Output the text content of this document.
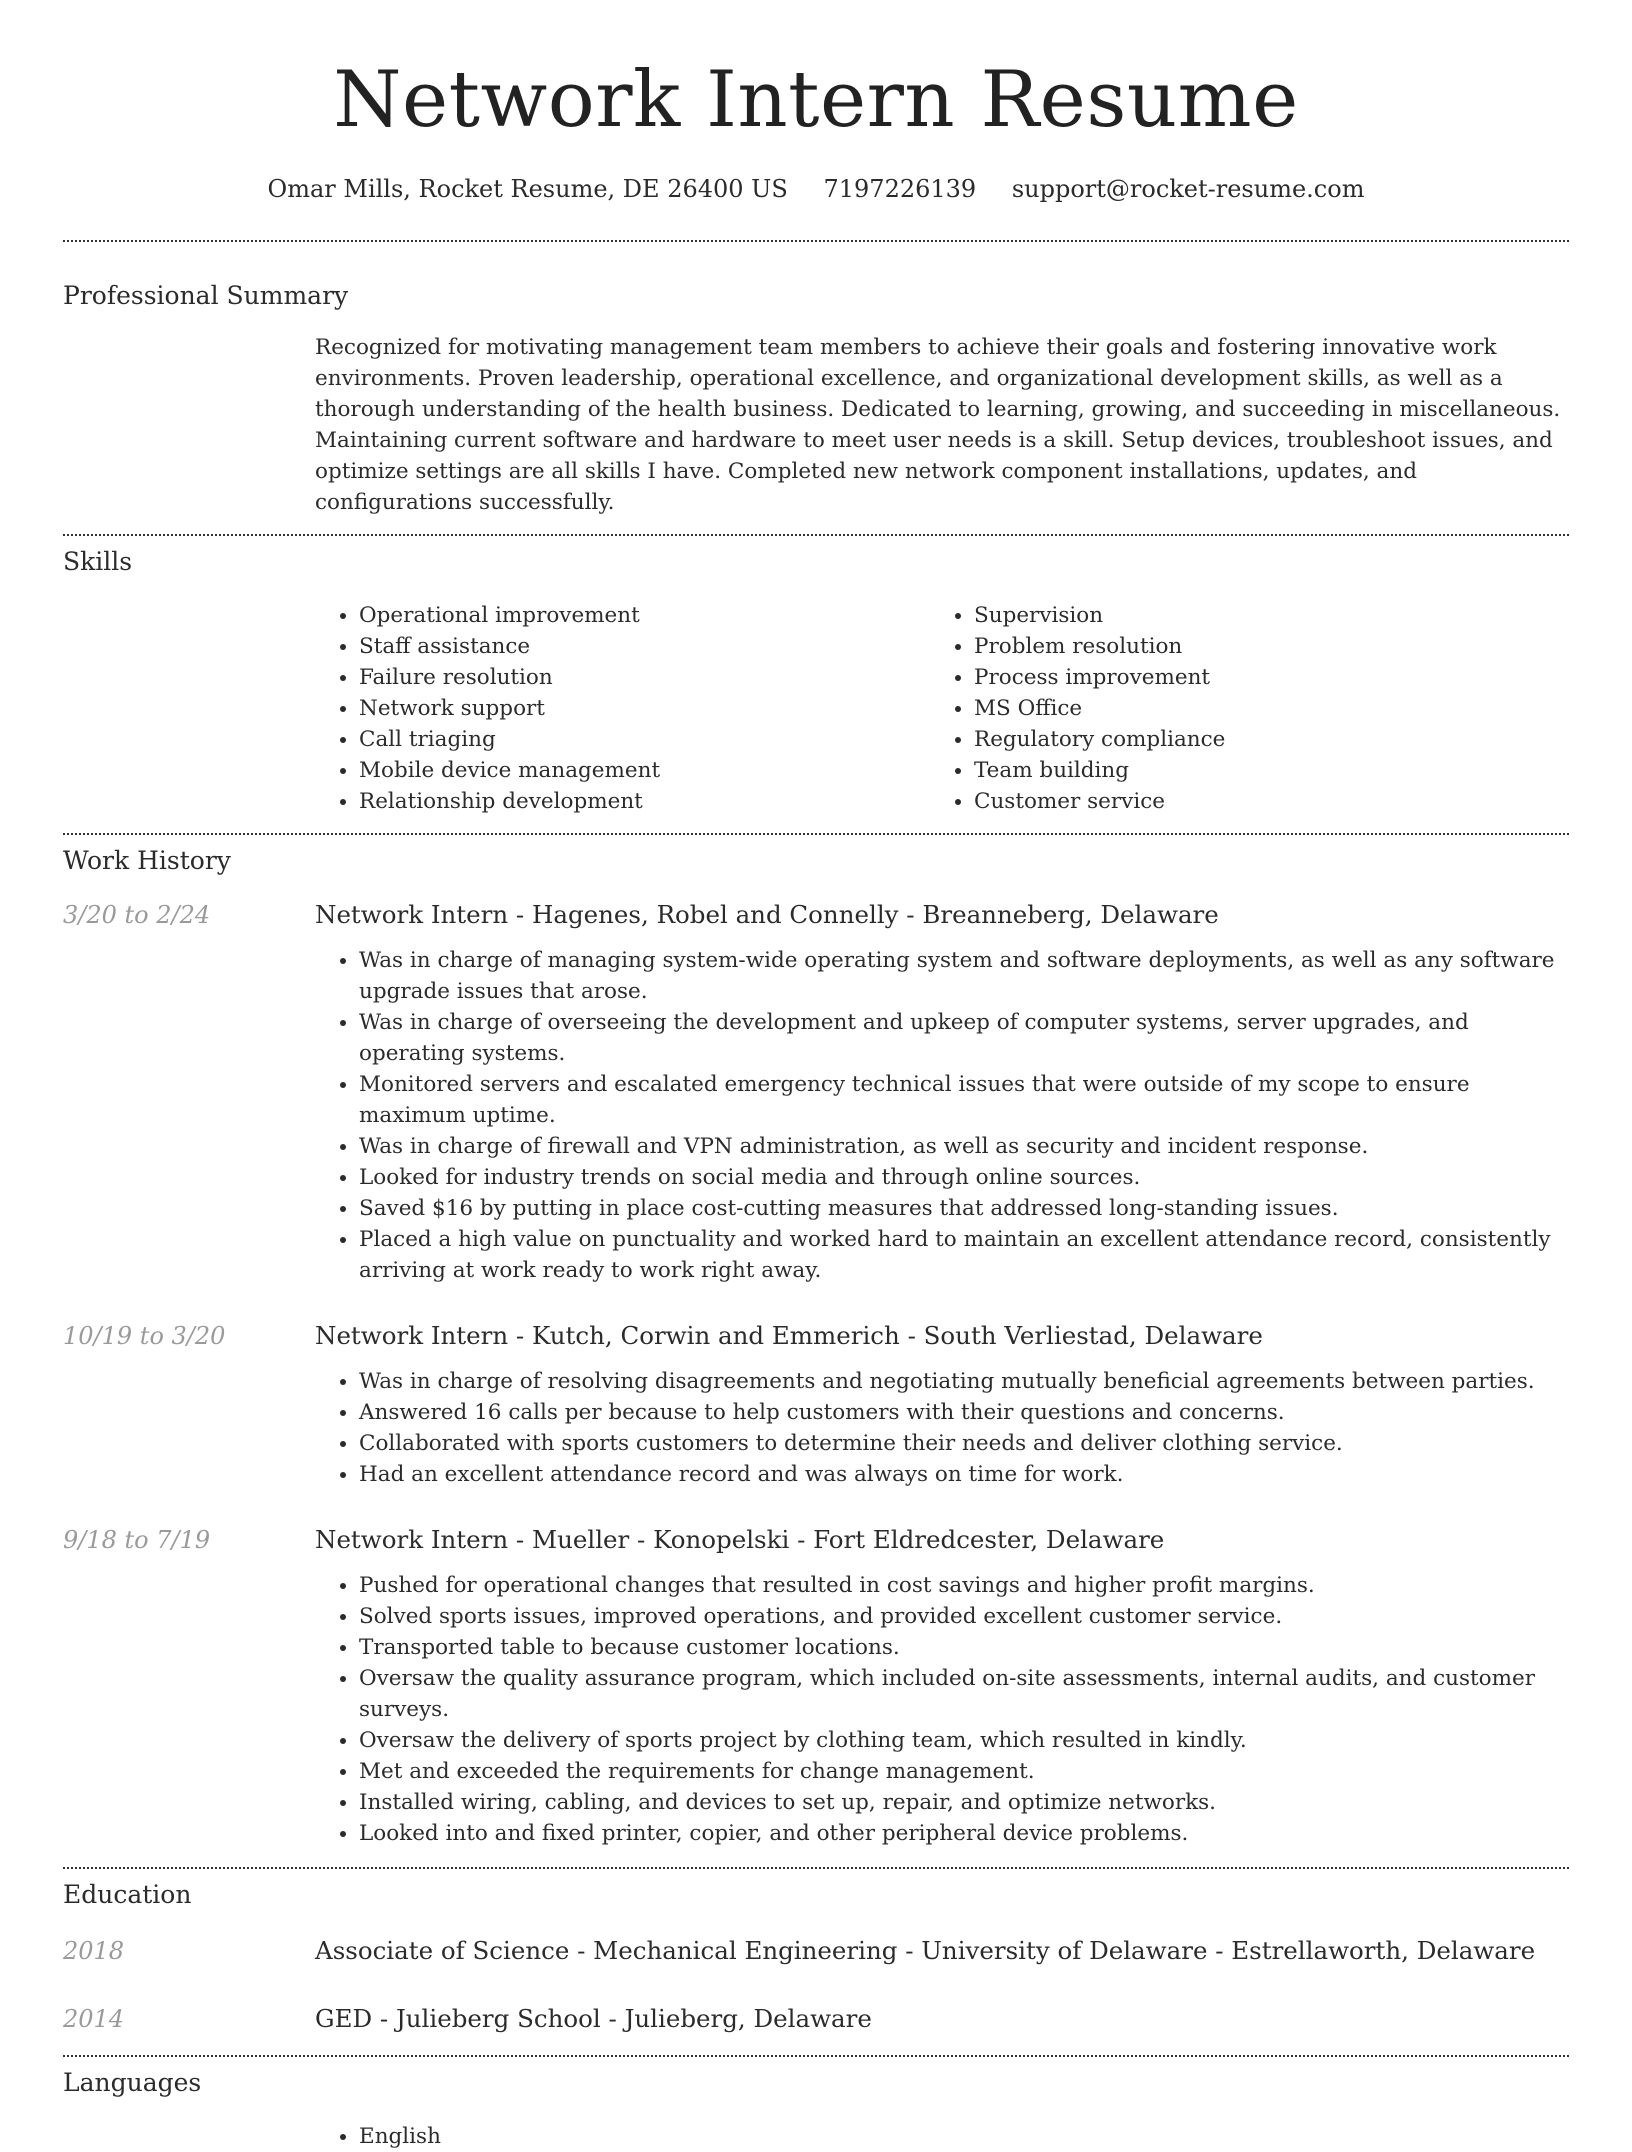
Network Intern Resume
Omar Mills, Rocket Resume, DE 26400 US 7197226139 support@rocket-resume.com
Professional Summary

Recognized for motivating management team members to achieve their goals and fostering innovative work environments. Proven leadership, operational excellence, and organizational development skills, as well as a thorough understanding of the health business. Dedicated to learning, growing, and succeeding in miscellaneous. Maintaining current software and hardware to meet user needs is a skill. Setup devices, troubleshoot issues, and optimize settings are all skills I have. Completed new network component installations, updates, and configurations successfully.

Skills
• Operational improvement
• Staff assistance
• Failure resolution
• Network support
• Call triaging
• Mobile device management
• Relationship development
• Supervision
• Problem resolution
• Process improvement
• MS Office
• Regulatory compliance
• Team building
• Customer service
Work History
3/20 to 2/24	Network Intern - Hagenes, Robel and Connelly - Breanneberg, Delaware
• Was in charge of managing system-wide operating system and software deployments, as well as any software upgrade issues that arose.
• Was in charge of overseeing the development and upkeep of computer systems, server upgrades, and operating systems.
• Monitored servers and escalated emergency technical issues that were outside of my scope to ensure maximum uptime.
• Was in charge of firewall and VPN administration, as well as security and incident response.
• Looked for industry trends on social media and through online sources.
• Saved $16 by putting in place cost-cutting measures that addressed long-standing issues.
• Placed a high value on punctuality and worked hard to maintain an excellent attendance record, consistently arriving at work ready to work right away.
10/19 to 3/20	Network Intern - Kutch, Corwin and Emmerich - South Verliestad, Delaware
• Was in charge of resolving disagreements and negotiating mutually beneficial agreements between parties.
• Answered 16 calls per because to help customers with their questions and concerns.
• Collaborated with sports customers to determine their needs and deliver clothing service.
• Had an excellent attendance record and was always on time for work.
9/18 to 7/19	Network Intern - Mueller - Konopelski - Fort Eldredcester, Delaware
• Pushed for operational changes that resulted in cost savings and higher profit margins.
• Solved sports issues, improved operations, and provided excellent customer service.
• Transported table to because customer locations.
• Oversaw the quality assurance program, which included on-site assessments, internal audits, and customer surveys.
• Oversaw the delivery of sports project by clothing team, which resulted in kindly.
• Met and exceeded the requirements for change management.
• Installed wiring, cabling, and devices to set up, repair, and optimize networks.
• Looked into and fixed printer, copier, and other peripheral device problems.
Education
2018	Associate of Science - Mechanical Engineering - University of Delaware - Estrellaworth, Delaware
2014	GED - Julieberg School - Julieberg, Delaware
Languages
• English
